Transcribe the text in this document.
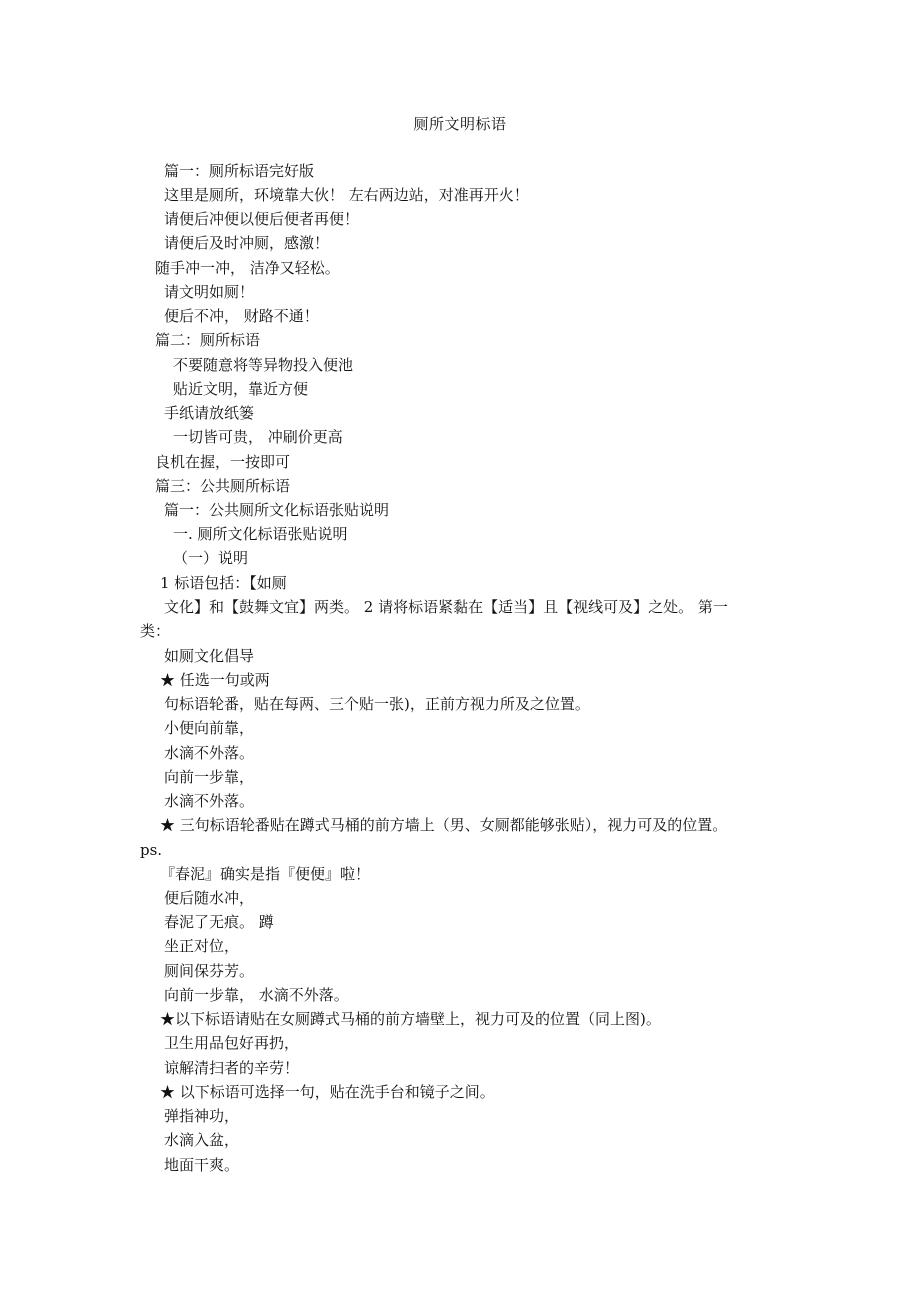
厕所文明标语
篇一：厕所标语完好版
这里是厕所，环境靠大伙！ 左右两边站，对准再开火！
请便后冲便以便后便者再便！
请便后及时冲厕，感激！
随手冲一冲， 洁净又轻松。
请文明如厕！
便后不冲， 财路不通！
篇二：厕所标语
不要随意将等异物投入便池
贴近文明，靠近方便
手纸请放纸篓
一切皆可贵， 冲刷价更高
良机在握，一按即可
篇三：公共厕所标语
篇一：公共厕所文化标语张贴说明
一. 厕所文化标语张贴说明
（一）说明
1 标语包括：【如厕
文化】和【鼓舞文宜】两类。 2 请将标语紧黏在【适当】且【视线可及】之处。 第一
类：
如厕文化倡导
★ 任选一句或两
句标语轮番，贴在每两、三个贴一张)，正前方视力所及之位置。
小便向前靠，
水滴不外落。
向前一步靠，
水滴不外落。
★ 三句标语轮番贴在蹲式马桶的前方墙上（男、女厕都能够张贴），视力可及的位置。
ps.
『春泥』确实是指『便便』啦！
便后随水冲，
春泥了无痕。 蹲
坐正对位，
厕间保芬芳。
向前一步靠， 水滴不外落。
★以下标语请贴在女厕蹲式马桶的前方墙壁上，视力可及的位置（同上图)。
卫生用品包好再扔，
谅解清扫者的辛劳！
★ 以下标语可选择一句，贴在洗手台和镜子之间。
弹指神功，
水滴入盆，
地面干爽。
